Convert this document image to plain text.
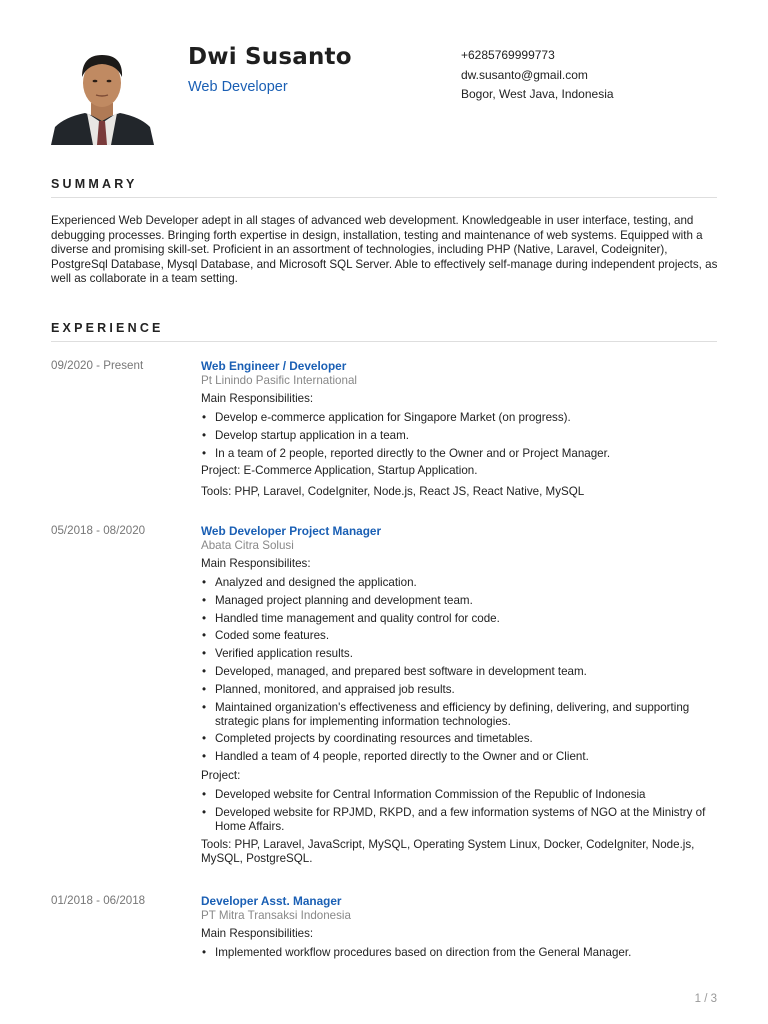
Dwi Susanto
Web Developer
+6285769999773
dw.susanto@gmail.com
Bogor, West Java, Indonesia
SUMMARY

Experienced Web Developer adept in all stages of advanced web development. Knowledgeable in user interface, testing, and debugging processes. Bringing forth expertise in design, installation, testing and maintenance of web systems. Equipped with a diverse and promising skill-set. Proficient in an assortment of technologies, including PHP (Native, Laravel, Codeigniter), PostgreSql Database, Mysql Database, and Microsoft SQL Server. Able to effectively self-manage during independent projects, as well as collaborate in a team setting.

EXPERIENCE
09/2020 - Present	Web Engineer / Developer
Pt Linindo Pasific International
Main Responsibilities:
• Develop e-commerce application for Singapore Market (on progress).
• Develop startup application in a team.
• In a team of 2 people, reported directly to the Owner and or Project Manager.
Project: E-Commerce Application, Startup Application.
Tools: PHP, Laravel, CodeIgniter, Node.js, React JS, React Native, MySQL
05/2018 - 08/2020	Web Developer Project Manager
Abata Citra Solusi
Main Responsibilites:
• Analyzed and designed the application.
• Managed project planning and development team.
• Handled time management and quality control for code.
• Coded some features.
• Verified application results.
• Developed, managed, and prepared best software in development team.
• Planned, monitored, and appraised job results.
• Maintained organization's effectiveness and efficiency by defining, delivering, and supporting strategic plans for implementing information technologies.
• Completed projects by coordinating resources and timetables.
• Handled a team of 4 people, reported directly to the Owner and or Client.
Project:
• Developed website for Central Information Commission of the Republic of Indonesia
• Developed website for RPJMD, RKPD, and a few information systems of NGO at the Ministry of Home Affairs.
Tools: PHP, Laravel, JavaScript, MySQL, Operating System Linux, Docker, CodeIgniter, Node.js, MySQL, PostgreSQL.
01/2018 - 06/2018	Developer Asst. Manager
PT Mitra Transaksi Indonesia
Main Responsibilities:
• Implemented workflow procedures based on direction from the General Manager.
1 / 3
